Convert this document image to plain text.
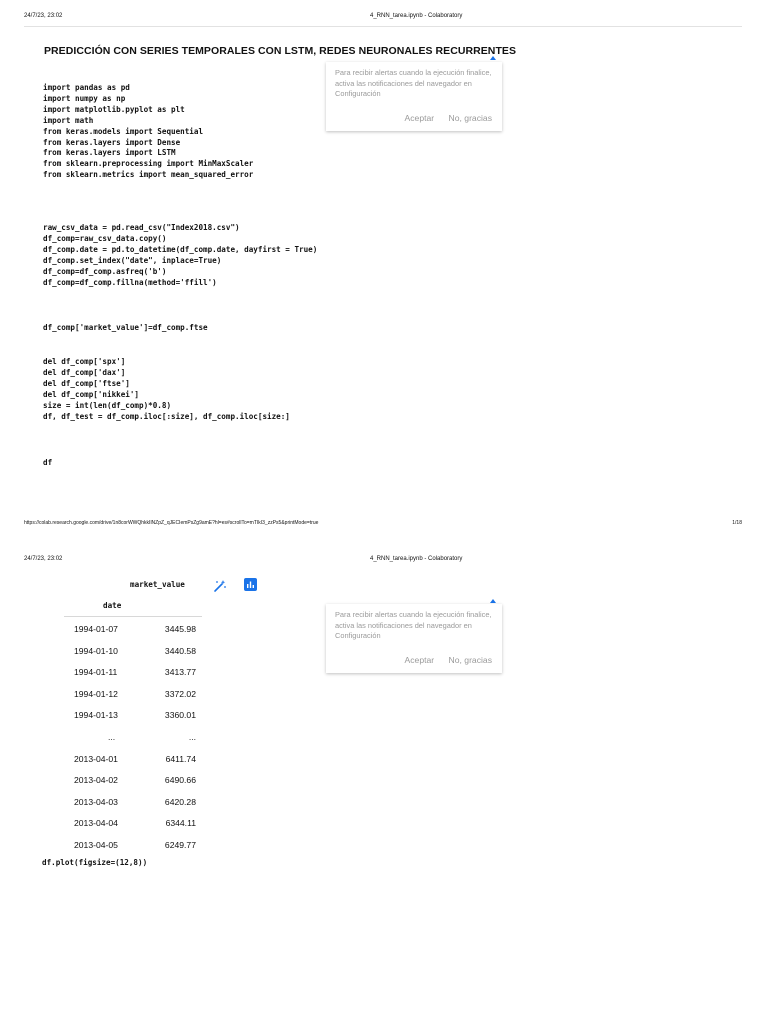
24/7/23, 23:02	4_RNN_tarea.ipynb - Colaboratory
PREDICCIÓN CON SERIES TEMPORALES CON LSTM, REDES NEURONALES RECURRENTES
Para recibir alertas cuando la ejecución finalice, activa las notificaciones del navegador en Configuración
Aceptar No, gracias
import pandas as pd
import numpy as np
import matplotlib.pyplot as plt
import math
from keras.models import Sequential
from keras.layers import Dense
from keras.layers import LSTM
from sklearn.preprocessing import MinMaxScaler
from sklearn.metrics import mean_squared_error
raw_csv_data = pd.read_csv("Index2018.csv")
df_comp=raw_csv_data.copy()
df_comp.date = pd.to_datetime(df_comp.date, dayfirst = True)
df_comp.set_index("date", inplace=True)
df_comp=df_comp.asfreq('b')
df_comp=df_comp.fillna(method='ffill')
df_comp['market_value']=df_comp.ftse
del df_comp['spx']
del df_comp['dax']
del df_comp['ftse']
del df_comp['nikkei']
size = int(len(df_comp)*0.8)
df, df_test = df_comp.iloc[:size], df_comp.iloc[size:]
df
https://colab.research.google.com/drive/1n8corWWQhkkIlNZpZ_qJECIemPsZg9amE?hl=es#scrollTo=mTIkI3_zzPs5&printMode=true	1/18
24/7/23, 23:02	4_RNN_tarea.ipynb - Colaboratory
market_value
date
Para recibir alertas cuando la ejecución finalice, activa las notificaciones del navegador en Configuración
Aceptar No, gracias
1994-01-07	3445.98
1994-01-10	3440.58
1994-01-11	3413.77
1994-01-12	3372.02
1994-01-13	3360.01
...	...
2013-04-01	6411.74
2013-04-02	6490.66
2013-04-03	6420.28
2013-04-04	6344.11
2013-04-05	6249.77
df.plot(figsize=(12,8))
